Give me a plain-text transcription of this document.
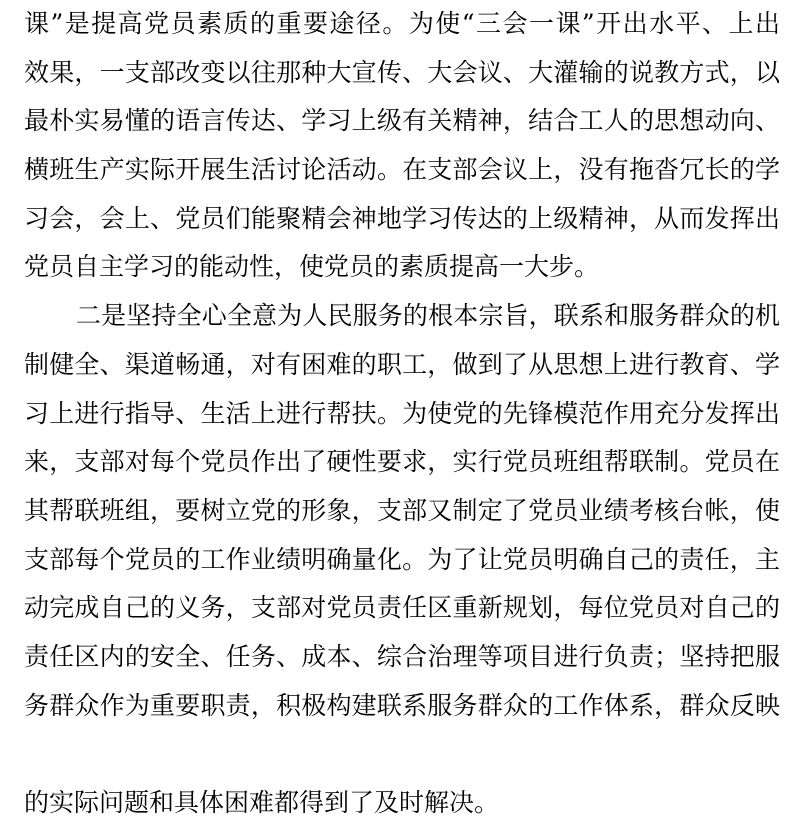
课”是提高党员素质的重要途径。为使“三会一课”开出水平、上出
效果，一支部改变以往那种大宣传、大会议、大灌输的说教方式，以
最朴实易懂的语言传达、学习上级有关精神，结合工人的思想动向、
横班生产实际开展生活讨论活动。在支部会议上，没有拖沓冗长的学
习会，会上、党员们能聚精会神地学习传达的上级精神，从而发挥出
党员自主学习的能动性，使党员的素质提高一大步。
二是坚持全心全意为人民服务的根本宗旨，联系和服务群众的机
制健全、渠道畅通，对有困难的职工，做到了从思想上进行教育、学
习上进行指导、生活上进行帮扶。为使党的先锋模范作用充分发挥出
来，支部对每个党员作出了硬性要求，实行党员班组帮联制。党员在
其帮联班组，要树立党的形象，支部又制定了党员业绩考核台帐，使
支部每个党员的工作业绩明确量化。为了让党员明确自己的责任，主
动完成自己的义务，支部对党员责任区重新规划，每位党员对自己的
责任区内的安全、任务、成本、综合治理等项目进行负责；坚持把服
务群众作为重要职责，积极构建联系服务群众的工作体系，群众反映
的实际问题和具体困难都得到了及时解决。
